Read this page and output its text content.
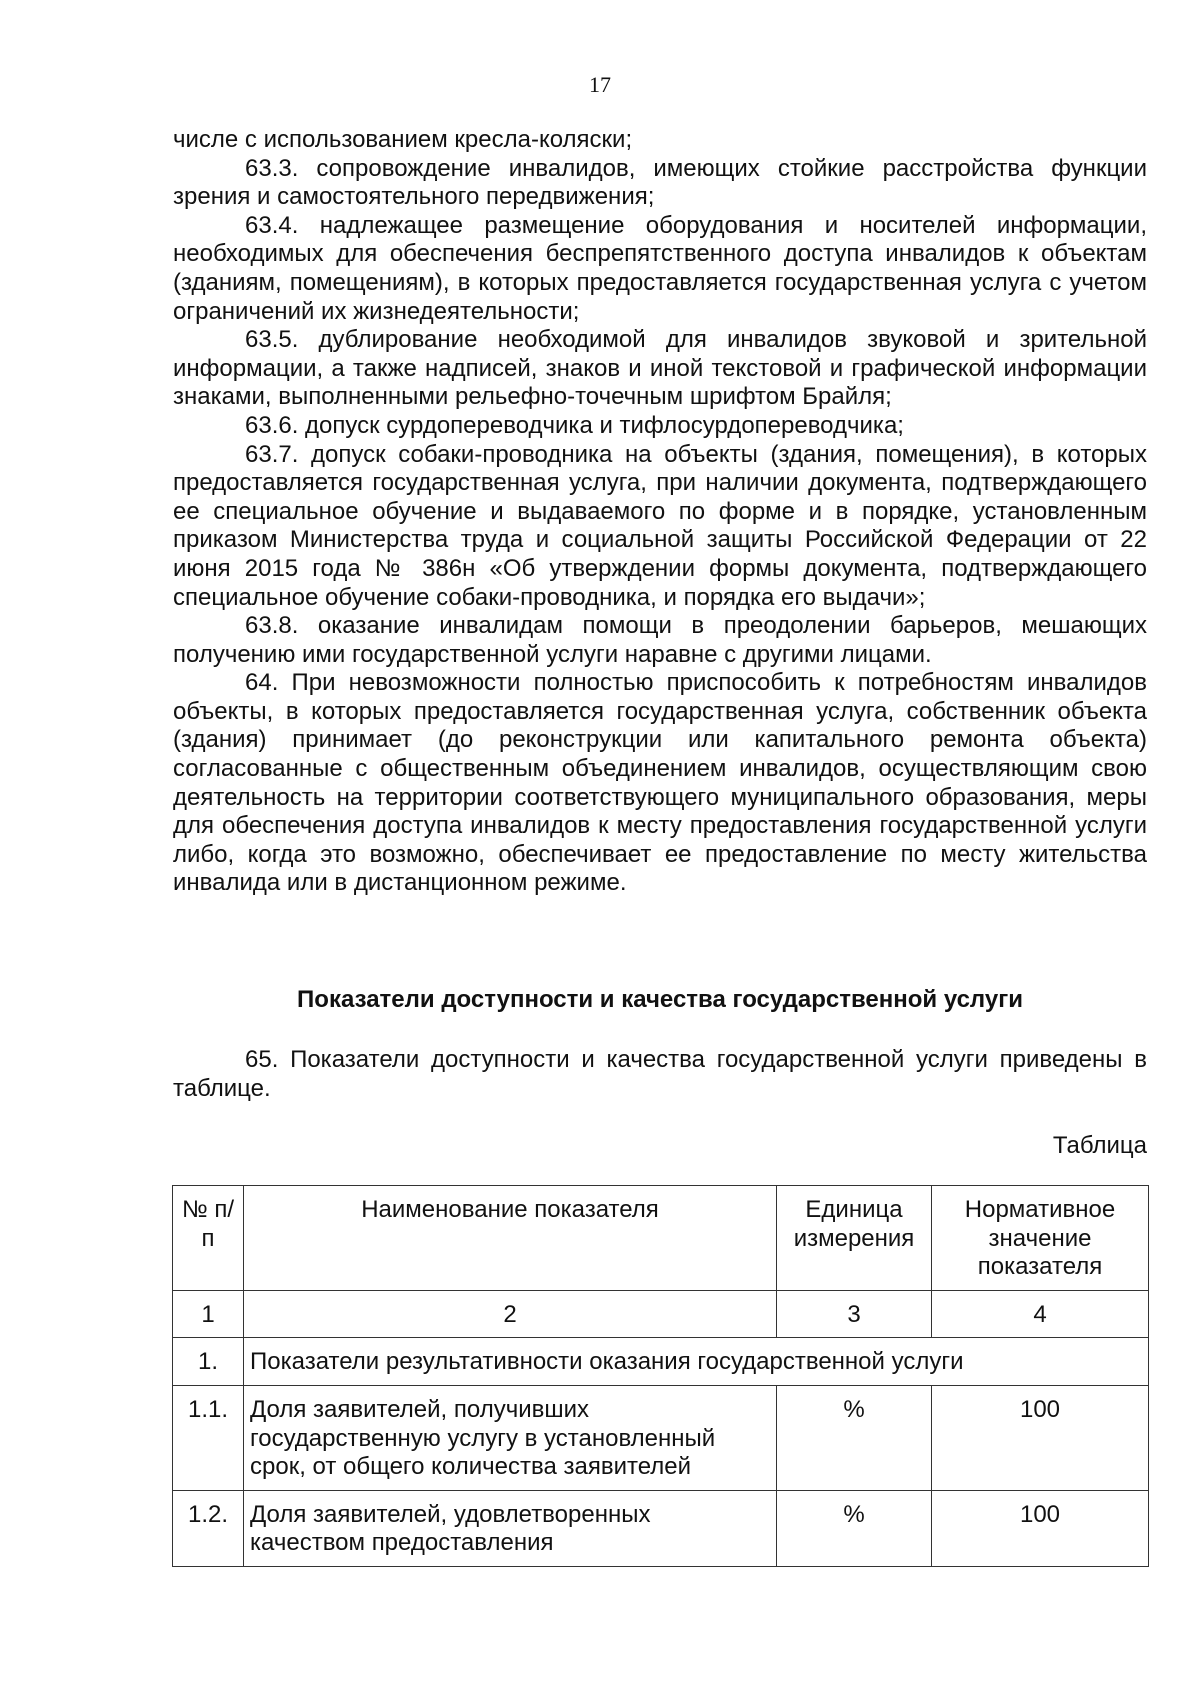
17

числе с использованием кресла-коляски;

63.3. сопровождение инвалидов, имеющих стойкие расстройства функции зрения и самостоятельного передвижения;

63.4. надлежащее размещение оборудования и носителей информации, необходимых для обеспечения беспрепятственного доступа инвалидов к объектам (зданиям, помещениям), в которых предоставляется государственная услуга с учетом ограничений их жизнедеятельности;

63.5. дублирование необходимой для инвалидов звуковой и зрительной информации, а также надписей, знаков и иной текстовой и графической информации знаками, выполненными рельефно-точечным шрифтом Брайля;

63.6. допуск сурдопереводчика и тифлосурдопереводчика;

63.7. допуск собаки-проводника на объекты (здания, помещения), в которых предоставляется государственная услуга, при наличии документа, подтверждающего ее специальное обучение и выдаваемого по форме и в порядке, установленным приказом Министерства труда и социальной защиты Российской Федерации от 22 июня 2015 года № 386н «Об утверждении формы документа, подтверждающего специальное обучение собаки-проводника, и порядка его выдачи»;

63.8. оказание инвалидам помощи в преодолении барьеров, мешающих получению ими государственной услуги наравне с другими лицами.

64. При невозможности полностью приспособить к потребностям инвалидов объекты, в которых предоставляется государственная услуга, собственник объекта (здания) принимает (до реконструкции или капитального ремонта объекта) согласованные с общественным объединением инвалидов, осуществляющим свою деятельность на территории соответствующего муниципального образования, меры для обеспечения доступа инвалидов к месту предоставления государственной услуги либо, когда это возможно, обеспечивает ее предоставление по месту жительства инвалида или в дистанционном режиме.

Показатели доступности и качества государственной услуги

65. Показатели доступности и качества государственной услуги приведены в таблице.

Таблица
№ п/п	Наименование показателя	Единица измерения	Нормативное значение показателя
1	2	3	4
1.	Показатели результативности оказания государственной услуги		
1.1.	Доля заявителей, получивших государственную услугу в установленный срок, от общего количества заявителей	%	100
1.2.	Доля заявителей, удовлетворенных качеством предоставления	%	100
